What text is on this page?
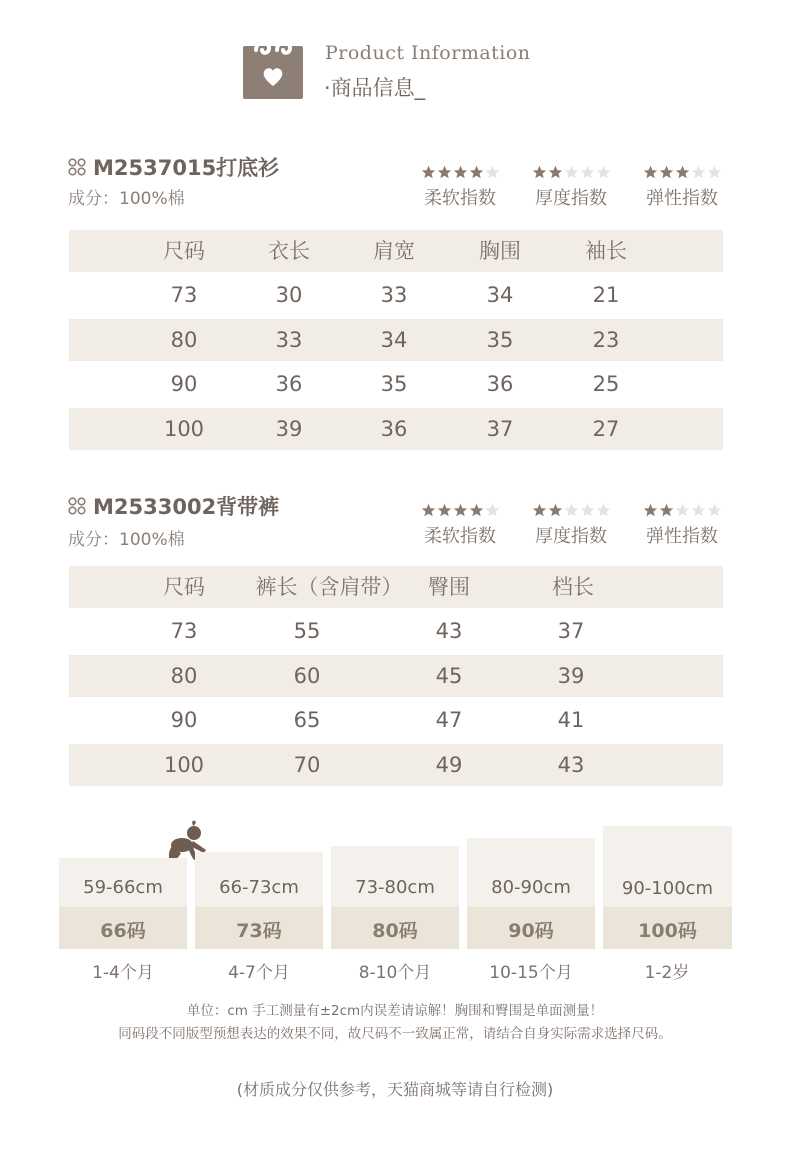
Product Information
·商品信息_
M2537015打底衫
成分：100%棉	柔软指数	厚度指数	弹性指数
尺码	衣长	肩宽	胸围	袖长
73	30	33	34	21
80	33	34	35	23
90	36	35	36	25
100	39	36	37	27
M2533002背带裤
成分：100%棉	柔软指数	厚度指数	弹性指数
尺码	裤长（含肩带）	臀围	档长
73	55	43	37
80	60	45	39
90	65	47	41
100	70	49	43
59-66cm
66码
66-73cm
73码
73-80cm
80码
80-90cm
90码
90-100cm
100码
1-4个月	4-7个月	8-10个月	10-15个月	1-2岁
单位：cm 手工测量有±2cm内误差请谅解！胸围和臀围是单面测量！
同码段不同版型预想表达的效果不同，故尺码不一致属正常，请结合自身实际需求选择尺码。
(材质成分仅供参考，天猫商城等请自行检测)
